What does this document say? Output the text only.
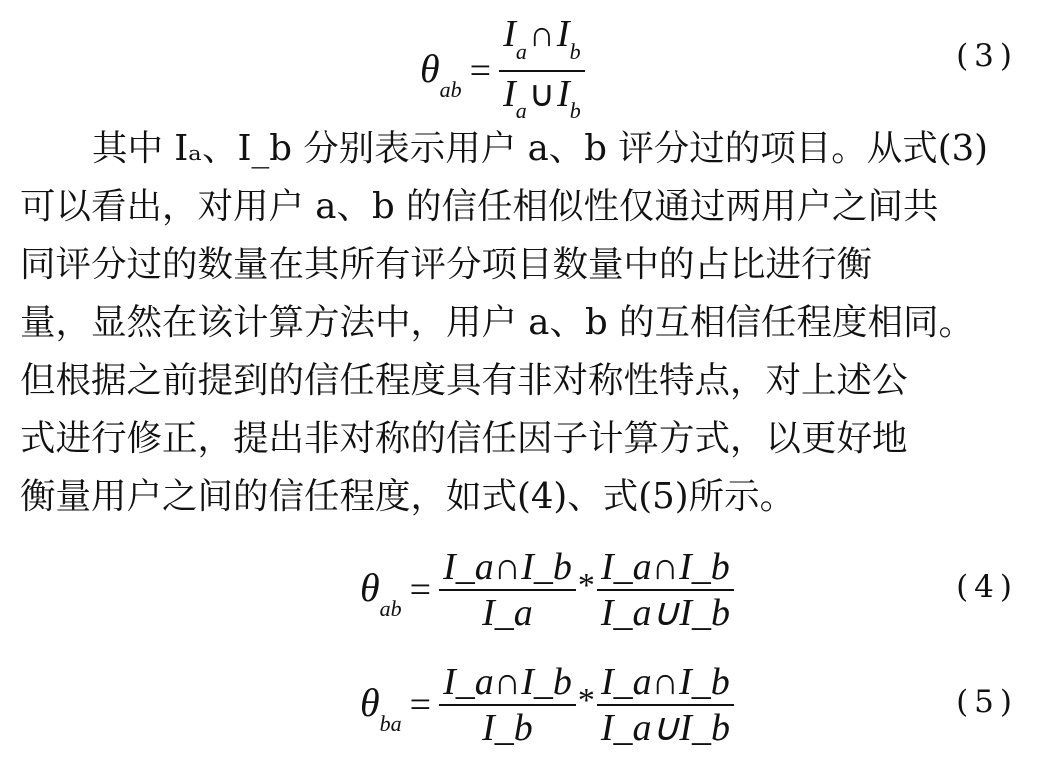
$\theta_{ab} = \frac{I_a\cap I_b}{I_a\cup I_b}$	(3)
其中 Iₐ、I_b 分别表示用户 a、b 评分过的项目。从式(3)
可以看出，对用户 a、b 的信任相似性仅通过两用户之间共
同评分过的数量在其所有评分项目数量中的占比进行衡
量，显然在该计算方法中，用户 a、b 的互相信任程度相同。
但根据之前提到的信任程度具有非对称性特点，对上述公
式进行修正，提出非对称的信任因子计算方式，以更好地
衡量用户之间的信任程度，如式(4)、式(5)所示。
$\theta_{ab} = \frac{I\_a\cap I\_b}{I\_a} * \frac{I\_a\cap I\_b}{I\_a\cup I\_b}$	(4)
$\theta_{ba} = \frac{I\_a\cap I\_b}{I\_b} * \frac{I\_a\cap I\_b}{I\_a\cup I\_b}$	(5)
